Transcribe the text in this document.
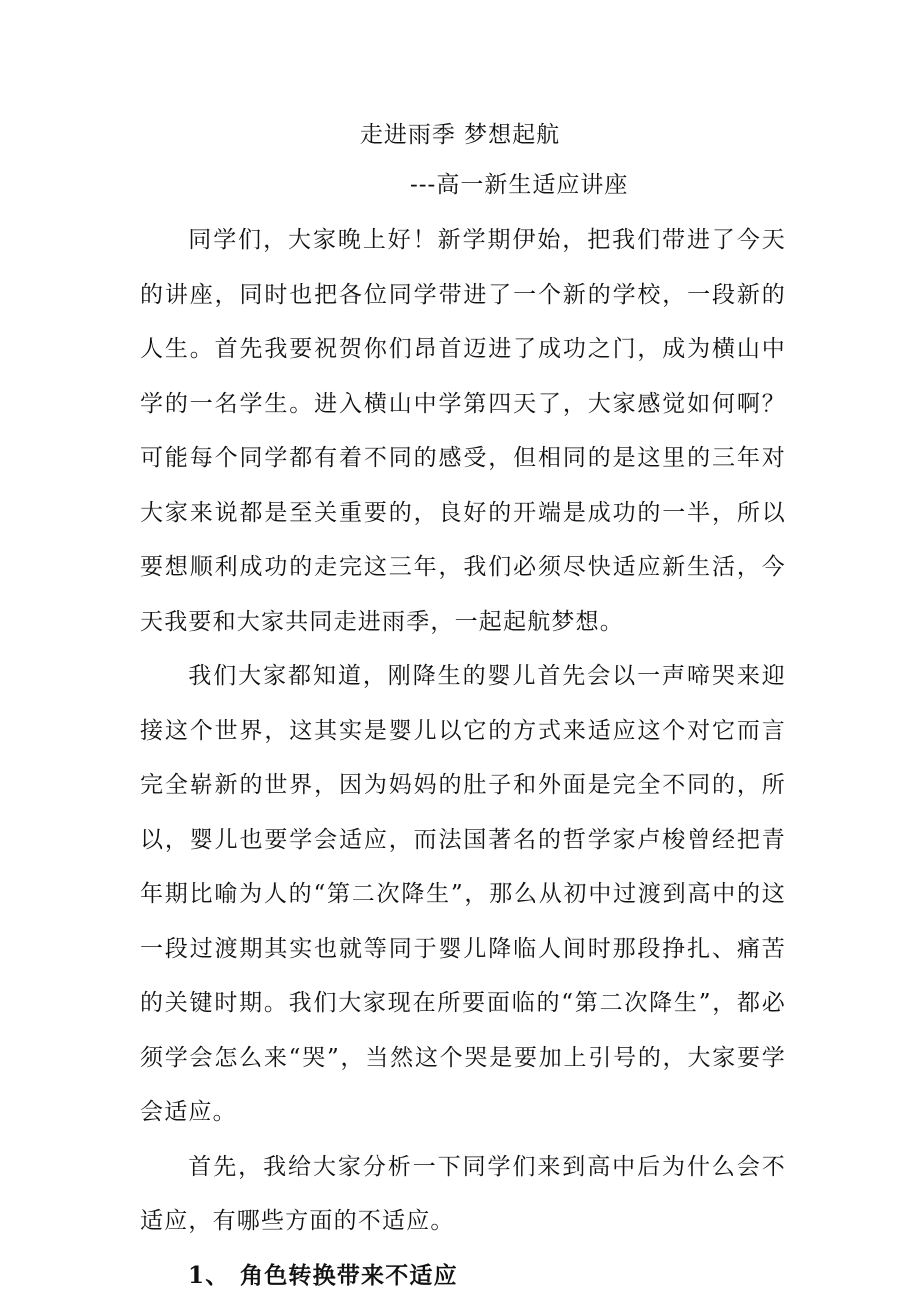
走进雨季 梦想起航
---高一新生适应讲座

同学们，大家晚上好！新学期伊始，把我们带进了今天的讲座，同时也把各位同学带进了一个新的学校，一段新的人生。首先我要祝贺你们昂首迈进了成功之门，成为横山中学的一名学生。进入横山中学第四天了，大家感觉如何啊？可能每个同学都有着不同的感受，但相同的是这里的三年对大家来说都是至关重要的，良好的开端是成功的一半，所以要想顺利成功的走完这三年，我们必须尽快适应新生活，今天我要和大家共同走进雨季，一起起航梦想。

我们大家都知道，刚降生的婴儿首先会以一声啼哭来迎接这个世界，这其实是婴儿以它的方式来适应这个对它而言完全崭新的世界，因为妈妈的肚子和外面是完全不同的，所以，婴儿也要学会适应，而法国著名的哲学家卢梭曾经把青年期比喻为人的“第二次降生”，那么从初中过渡到高中的这一段过渡期其实也就等同于婴儿降临人间时那段挣扎、痛苦的关键时期。我们大家现在所要面临的“第二次降生”，都必须学会怎么来“哭”，当然这个哭是要加上引号的，大家要学会适应。

首先，我给大家分析一下同学们来到高中后为什么会不适应，有哪些方面的不适应。

1、 角色转换带来不适应
